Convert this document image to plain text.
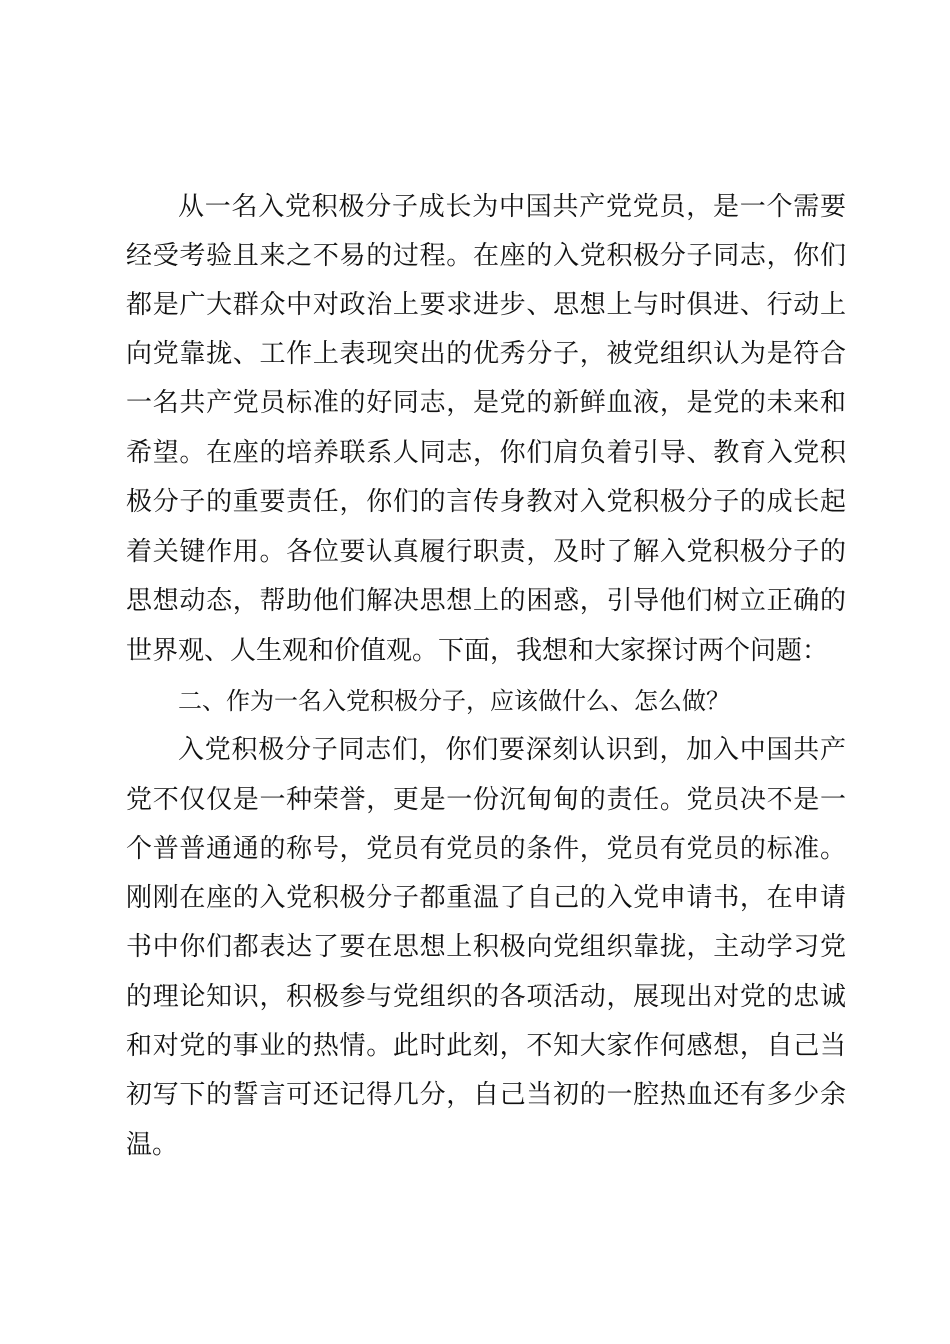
从一名入党积极分子成长为中国共产党党员，是一个需要
经受考验且来之不易的过程。在座的入党积极分子同志，你们
都是广大群众中对政治上要求进步、思想上与时俱进、行动上
向党靠拢、工作上表现突出的优秀分子，被党组织认为是符合
一名共产党员标准的好同志，是党的新鲜血液，是党的未来和
希望。在座的培养联系人同志，你们肩负着引导、教育入党积
极分子的重要责任，你们的言传身教对入党积极分子的成长起
着关键作用。各位要认真履行职责，及时了解入党积极分子的
思想动态，帮助他们解决思想上的困惑，引导他们树立正确的
世界观、人生观和价值观。下面，我想和大家探讨两个问题：
二、作为一名入党积极分子，应该做什么、怎么做？
入党积极分子同志们，你们要深刻认识到，加入中国共产
党不仅仅是一种荣誉，更是一份沉甸甸的责任。党员决不是一
个普普通通的称号，党员有党员的条件，党员有党员的标准。
刚刚在座的入党积极分子都重温了自己的入党申请书，在申请
书中你们都表达了要在思想上积极向党组织靠拢，主动学习党
的理论知识，积极参与党组织的各项活动，展现出对党的忠诚
和对党的事业的热情。此时此刻，不知大家作何感想，自己当
初写下的誓言可还记得几分，自己当初的一腔热血还有多少余
温。
